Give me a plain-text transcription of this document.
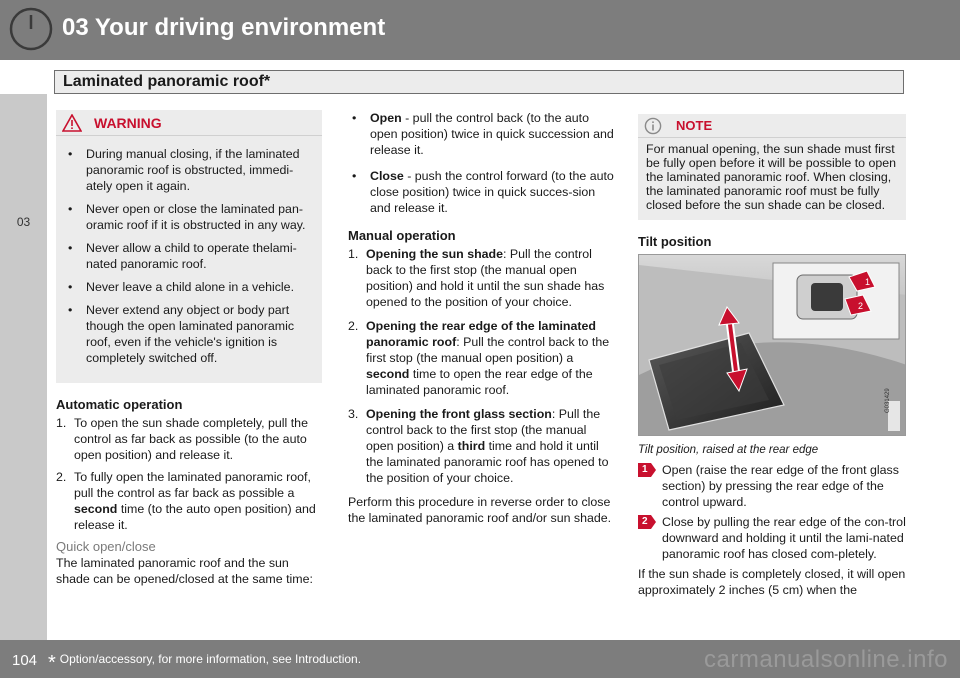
03 Your driving environment
Laminated panoramic roof*
03
WARNING
• During manual closing, if the laminated panoramic roof is obstructed, immedi-ately open it again.
• Never open or close the laminated pan-oramic roof if it is obstructed in any way.
• Never allow a child to operate thelami-nated panoramic roof.
• Never leave a child alone in a vehicle.
• Never extend any object or body part though the open laminated panoramic roof, even if the vehicle's ignition is completely switched off.
Automatic operation
1. To open the sun shade completely, pull the control as far back as possible (to the auto open position) and release it.
2. To fully open the laminated panoramic roof, pull the control as far back as possible a second time (to the auto open position) and release it.
Quick open/close
The laminated panoramic roof and the sun shade can be opened/closed at the same time:
• Open - pull the control back (to the auto open position) twice in quick succession and release it.
• Close - push the control forward (to the auto close position) twice in quick succes-sion and release it.
Manual operation
1. Opening the sun shade: Pull the control back to the first stop (the manual open position) and hold it until the sun shade has opened to the position of your choice.
2. Opening the rear edge of the laminated panoramic roof: Pull the control back to the first stop (the manual open position) a second time to open the rear edge of the laminated panoramic roof.
3. Opening the front glass section: Pull the control back to the first stop (the manual open position) a third time and hold it until the laminated panoramic roof has opened to the position of your choice.
Perform this procedure in reverse order to close the laminated panoramic roof and/or sun shade.
NOTE
For manual opening, the sun shade must first be fully open before it will be possible to open the laminated panoramic roof. When closing, the laminated panoramic roof must be fully closed before the sun shade can be closed.
Tilt position
1
2
G031429
Tilt position, raised at the rear edge
1 Open (raise the rear edge of the front glass section) by pressing the rear edge of the control upward.
2 Close by pulling the rear edge of the con-trol downward and holding it until the lami-nated panoramic roof has closed com-pletely.
If the sun shade is completely closed, it will open approximately 2 inches (5 cm) when the
104 * Option/accessory, for more information, see Introduction.	carmanualsonline.info
